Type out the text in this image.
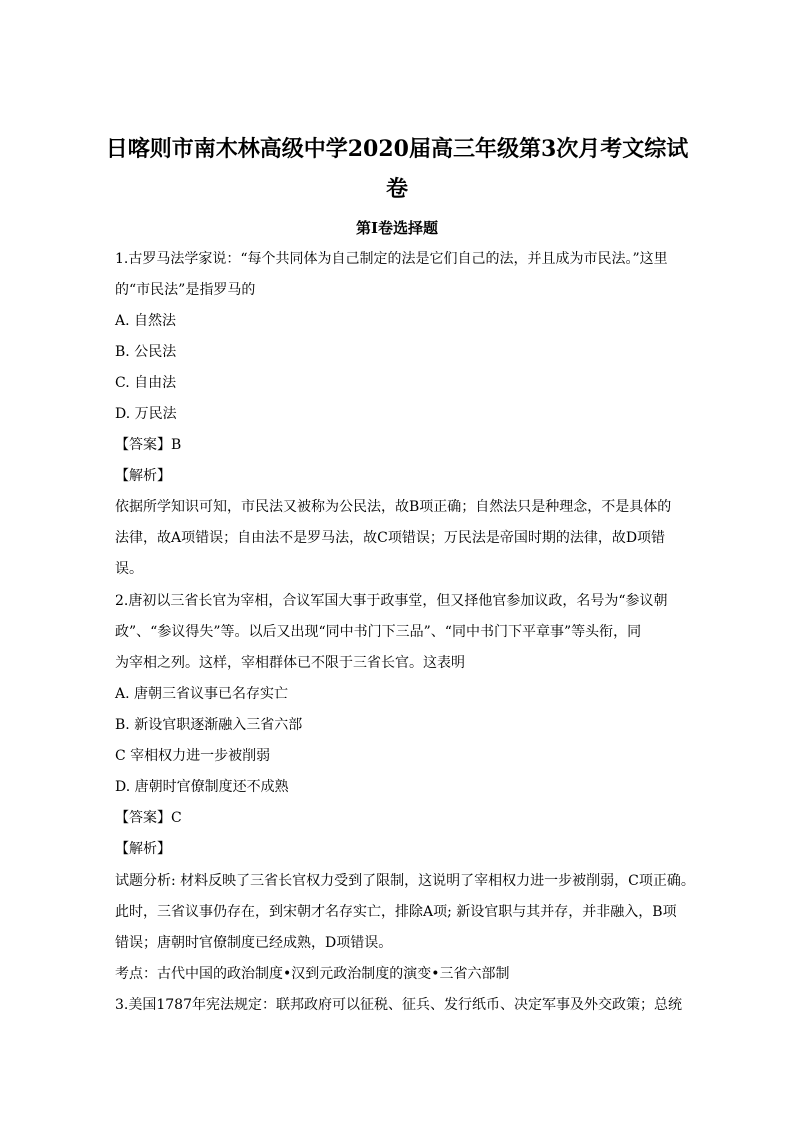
日喀则市南木林高级中学2020届高三年级第3次月考文综试

卷

第I卷选择题

1.古罗马法学家说：“每个共同体为自己制定的法是它们自己的法，并且成为市民法。”这里

的“市民法”是指罗马的

A. 自然法

B. 公民法

C. 自由法

D. 万民法

【答案】B

【解析】

依据所学知识可知，市民法又被称为公民法，故B项正确；自然法只是种理念，不是具体的

法律，故A项错误；自由法不是罗马法，故C项错误；万民法是帝国时期的法律，故D项错

误。

2.唐初以三省长官为宰相，合议军国大事于政事堂，但又择他官参加议政，名号为“参议朝

政”、“参议得失”等。以后又出现“同中书门下三品”、“同中书门下平章事”等头衔，同

为宰相之列。这样，宰相群体已不限于三省长官。这表明

A. 唐朝三省议事已名存实亡

B. 新设官职逐渐融入三省六部

C 宰相权力进一步被削弱

D. 唐朝时官僚制度还不成熟

【答案】C

【解析】

试题分析: 材料反映了三省长官权力受到了限制，这说明了宰相权力进一步被削弱，C项正确。

此时，三省议事仍存在，到宋朝才名存实亡，排除A项; 新设官职与其并存，并非融入，B项

错误；唐朝时官僚制度已经成熟，D项错误。

考点：古代中国的政治制度•汉到元政治制度的演变•三省六部制

3.美国1787年宪法规定：联邦政府可以征税、征兵、发行纸币、决定军事及外交政策；总统
